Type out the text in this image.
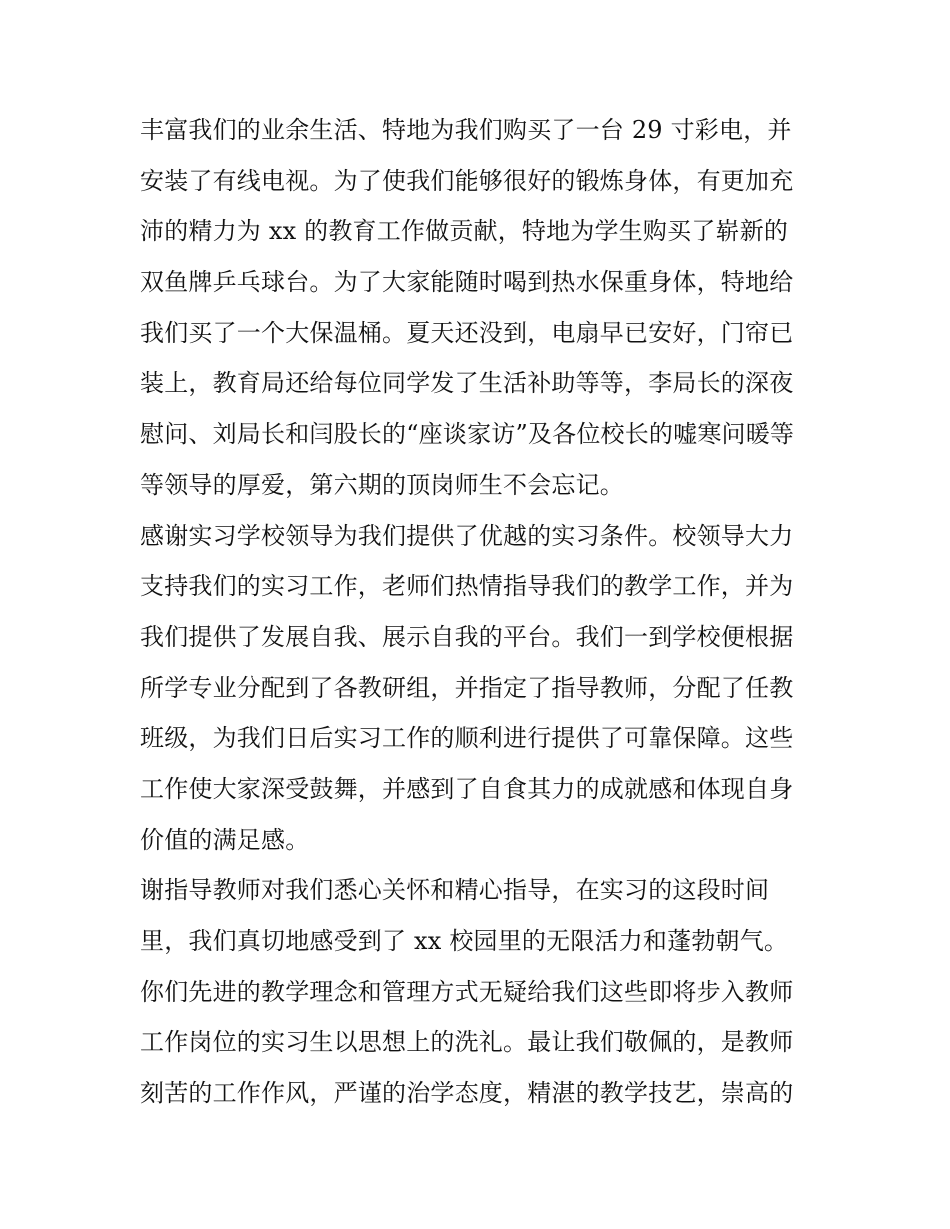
丰富我们的业余生活、特地为我们购买了一台 29 寸彩电，并
安装了有线电视。为了使我们能够很好的锻炼身体，有更加充
沛的精力为 xx 的教育工作做贡献，特地为学生购买了崭新的
双鱼牌乒乓球台。为了大家能随时喝到热水保重身体，特地给
我们买了一个大保温桶。夏天还没到，电扇早已安好，门帘已
装上，教育局还给每位同学发了生活补助等等，李局长的深夜
慰问、刘局长和闫股长的“座谈家访”及各位校长的嘘寒问暖等
等领导的厚爱，第六期的顶岗师生不会忘记。
感谢实习学校领导为我们提供了优越的实习条件。校领导大力
支持我们的实习工作，老师们热情指导我们的教学工作，并为
我们提供了发展自我、展示自我的平台。我们一到学校便根据
所学专业分配到了各教研组，并指定了指导教师，分配了任教
班级，为我们日后实习工作的顺利进行提供了可靠保障。这些
工作使大家深受鼓舞，并感到了自食其力的成就感和体现自身
价值的满足感。
谢指导教师对我们悉心关怀和精心指导，在实习的这段时间
里，我们真切地感受到了 xx 校园里的无限活力和蓬勃朝气。
你们先进的教学理念和管理方式无疑给我们这些即将步入教师
工作岗位的实习生以思想上的洗礼。最让我们敬佩的，是教师
刻苦的工作作风，严谨的治学态度，精湛的教学技艺，崇高的
